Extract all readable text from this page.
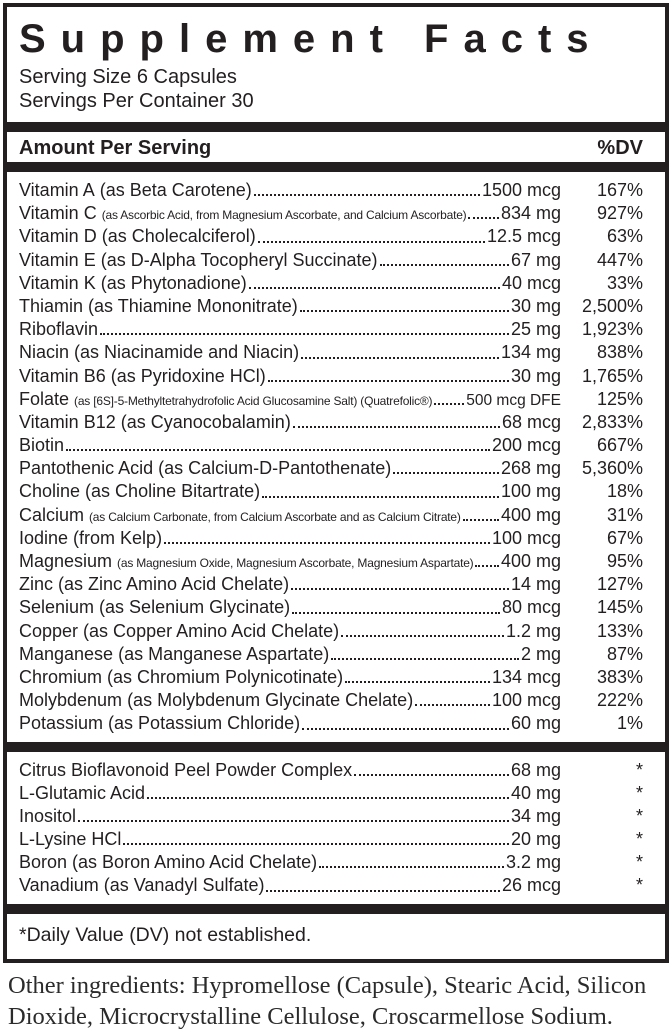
Supplement Facts
Serving Size 6 Capsules
Servings Per Container 30
Amount Per Serving	%DV
Vitamin A (as Beta Carotene)	1500 mcg	167%
Vitamin C (as Ascorbic Acid, from Magnesium Ascorbate, and Calcium Ascorbate) 834 mg	927%
Vitamin D (as Cholecalciferol)	12.5 mcg	63%
Vitamin E (as D-Alpha Tocopheryl Succinate)	67 mg	447%
Vitamin K (as Phytonadione)	40 mcg	33%
Thiamin (as Thiamine Mononitrate)	30 mg	2,500%
Riboflavin	25 mg	1,923%
Niacin (as Niacinamide and Niacin)	134 mg	838%
Vitamin B6 (as Pyridoxine HCl)	30 mg	1,765%
Folate (as [6S]-5-Methyltetrahydrofolic Acid Glucosamine Salt) (Quatrefolic®) 500 mcg DFE	125%
Vitamin B12 (as Cyanocobalamin)	68 mcg	2,833%
Biotin	200 mcg	667%
Pantothenic Acid (as Calcium-D-Pantothenate)	268 mg	5,360%
Choline (as Choline Bitartrate)	100 mg	18%
Calcium (as Calcium Carbonate, from Calcium Ascorbate and as Calcium Citrate) 400 mg	31%
Iodine (from Kelp)	100 mcg	67%
Magnesium (as Magnesium Oxide, Magnesium Ascorbate, Magnesium Aspartate) 400 mg	95%
Zinc (as Zinc Amino Acid Chelate)	14 mg	127%
Selenium (as Selenium Glycinate)	80 mcg	145%
Copper (as Copper Amino Acid Chelate)	1.2 mg	133%
Manganese (as Manganese Aspartate)	2 mg	87%
Chromium (as Chromium Polynicotinate)	134 mcg	383%
Molybdenum (as Molybdenum Glycinate Chelate)	100 mcg	222%
Potassium (as Potassium Chloride)	60 mg	1%
Citrus Bioflavonoid Peel Powder Complex	68 mg	*
L-Glutamic Acid	40 mg	*
Inositol	34 mg	*
L-Lysine HCl	20 mg	*
Boron (as Boron Amino Acid Chelate)	3.2 mg	*
Vanadium (as Vanadyl Sulfate)	26 mcg	*
*Daily Value (DV) not established.

Other ingredients: Hypromellose (Capsule), Stearic Acid, Silicon Dioxide, Microcrystalline Cellulose, Croscarmellose Sodium.
